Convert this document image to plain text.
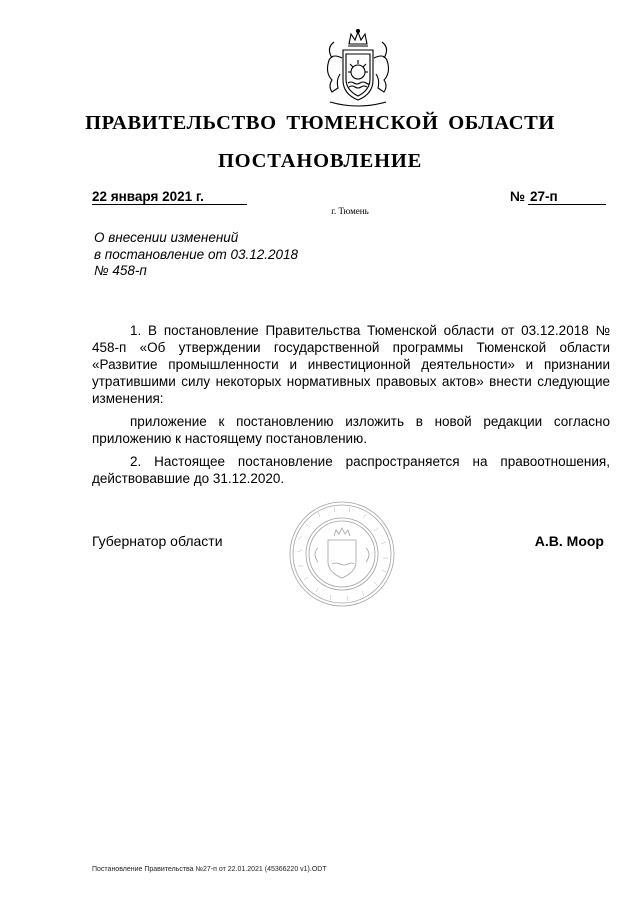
ПРАВИТЕЛЬСТВО ТЮМЕНСКОЙ ОБЛАСТИ
ПОСТАНОВЛЕНИЕ
22 января 2021 г.	№ 27-п
г. Тюмень
О внесении изменений
в постановление от 03.12.2018
№ 458-п

1. В постановление Правительства Тюменской области от 03.12.2018 № 458-п «Об утверждении государственной программы Тюменской области «Развитие промышленности и инвестиционной деятельности» и признании утратившими силу некоторых нормативных правовых актов» внести следующие изменения:

приложение к постановлению изложить в новой редакции согласно приложению к настоящему постановлению.

2. Настоящее постановление распространяется на правоотношения, действовавшие до 31.12.2020.

Губернатор области	А.В. Моор
Постановление Правительства №27-п от 22.01.2021 (45366220 v1).ODT
